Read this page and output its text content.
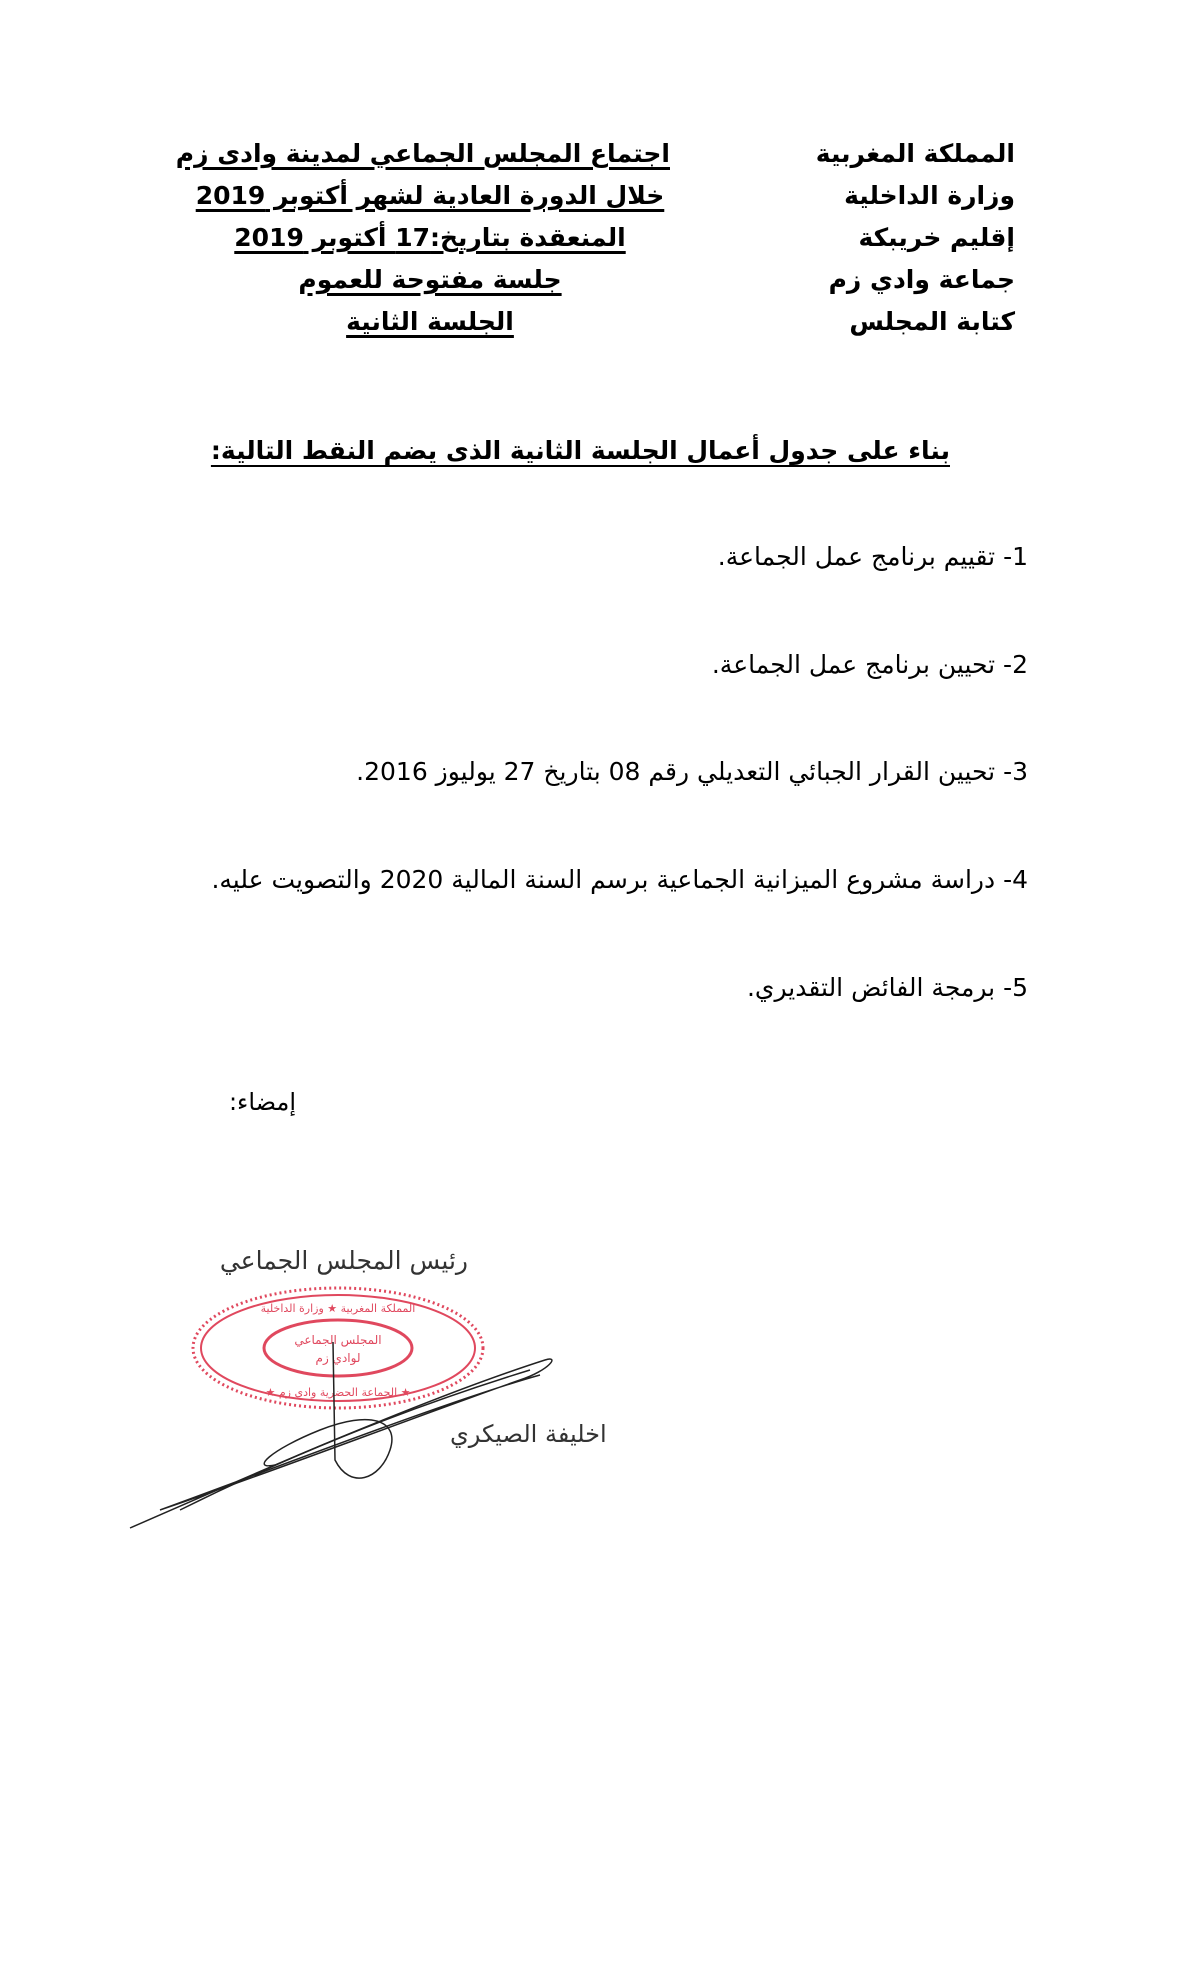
المملكة المغربية
وزارة الداخلية
إقليم خريبكة
جماعة وادي زم
كتابة المجلس
اجتماع المجلس الجماعي لمدينة وادى زم
خلال الدورة العادية لشهر أكتوبر 2019
المنعقدة بتاريخ:17 أكتوبر 2019
جلسة مفتوحة للعموم
الجلسة الثانية
بناء على جدول أعمال الجلسة الثانية الذى يضم النقط التالية:
1- تقييم برنامج عمل الجماعة.
2- تحيين برنامج عمل الجماعة.
3- تحيين القرار الجبائي التعديلي رقم 08 بتاريخ 27 يوليوز 2016.
4- دراسة مشروع الميزانية الجماعية برسم السنة المالية 2020 والتصويت عليه.
5- برمجة الفائض التقديري.
إمضاء:
رئيس المجلس الجماعي
المجلس الجماعي
لوادي زم
المملكة المغربية ★ وزارة الداخلية
★ الجماعة الحضرية وادي زم ★
اخليفة الصيكري
